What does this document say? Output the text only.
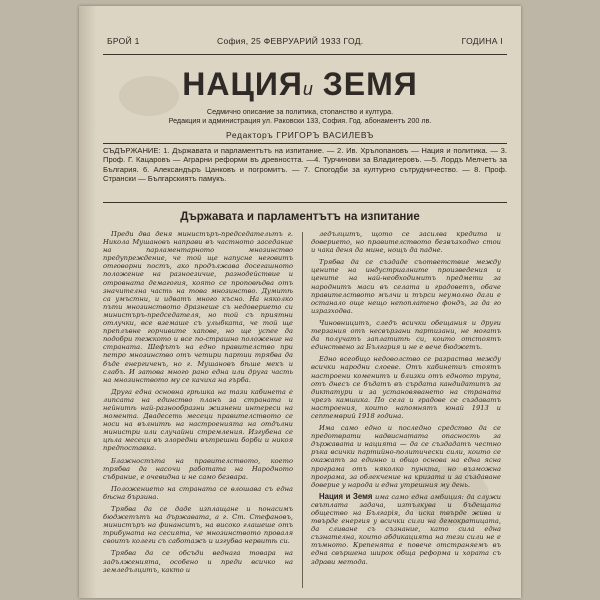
БРОЙ 1	София, 25 ФЕВРУАРИЙ 1933 ГОД.	ГОДИНА I
НАЦИЯи ЗЕМЯ
Седмично описание за политика, стопанство и култура.
Редакция и администрация ул. Раковски 133, София. Год. абонаментъ 200 лв.
Редакторъ ГРИГОРЪ ВАСИЛЕВЪ
СЪДЪРЖАНИЕ: 1. Държавата и парламентътъ на изпитание. — 2. Ив. Хрълопановъ — Нация и политика. — 3. Проф. Г. Кацаровъ — Аграрни реформи въ древността. —4. Турчинови за Владигеровъ. —5. Лордъ Мелчетъ за България. 6. Александъръ Цанковъ и погромитъ. — 7. Спогодби за културно сътрудничество. — 8. Проф. Странски — Българскиятъ памукъ.
Държавата и парламентътъ на изпитание

Преди два деня министъръ-председательтъ г. Никола Мушановъ направи въ частното заседание на парламентарното мнозинство предупреждение, че той ще напусне неговитъ отговорни постъ, ако продължава досегашното положение на разноезичие, разнодействие и отровната демагогия, която се проповѣдва отъ значителна часть на това мнозинство. Думитѣ са умъстни, и идватъ много късно. На няколко пъти мнозинството дразнеше съ недоверието си министъръ-председателя, но той съ приятни отлучки, все вземаше съ улыбката, че той ще преплъвне горчивите хапове, но ще успее да подобри тежкото и все по-страшно положение на страната. Шефътъ на едно правителство при петро мнозинство отъ четири партии трябва да бъде енергиченъ, но г. Мушановъ бѣше мекъ и слабъ. И затова много рано една или друга часть на мнозинството му се качиха на гърба.

Друга една основна грѣшка на тази кабинета е липсата на единство планъ за страната и нейнитѣ най-разнообразни жизнени интереси на момента. Двадесеть месеци правителството се носи на вълнитѣ на настроенията на отдълни министри или случайни стремления. Изгубена се цѣла месеци въ злоредни вътрешни борби и никоя предпоставка.

Блажностъта на правителството, което трябва да насочи работата на Народното събрание, е очевидна и не само безвара.

Положението на страната се влошава съ една бѣсна бързина.

Трябва да се даде изплащане и понасимъ бюджетътъ на държавата, а г. Ст. Стефановъ, министъръ на финанситъ, на високо глашеше отъ трибуната на сесията, че мнозинството проваля своитъ колеги съ саботажъ и изгубва нервитѣ си.

Трябва да се обсъди веднага товара на задълженията, особено и преди всичко на земледълцитъ, както и

ледълцитъ, щото се засилва кредита и доверието, но правителството безвъзходно стои и чака деня да мине, нощъ да падне.

Трябва да се създаде съответствие между цените на индустриалните произведения и цените на най-необходимитъ предмети за народнитъ маси въ селата и градоветъ, обаче правителството мълчи и търси неумолно дали е останало още нещо непоплатено фондъ, за да го изразходва.

Чиновницитъ, следъ всички обещания и други терзания отъ несвързани партизани, не могатъ да получатъ заплатитѣ си, които отстоятъ единствено за България и не е вече бюджетъ.

Едно всеобщо недоволство се разраства между всички народни слоеве. Отъ кабинетиъ стоятъ настроени коменитъ и близки отъ едното трупа, отъ днесъ се бъдатъ въ сърдата кандидатитъ за диктатури и за установяването на страната чрезъ камшика. По села и градове се създаватъ настроения, които напомнятъ юнай 1913 и септемврий 1918 година.

Има само едно и последно средство да се предотврати надвиснатата опасность за държавата и нацията — да се създадатъ честно ръка всички партийно-политически сили, които се окажатъ за единно и общо основа на една ясна програма отъ няколко пункта, но възможна програма, за облекчение на кризата и за създаване доверие у народа и една утрешния му день.

Нация и Земя има само една амбиция: да служи свътлата задача, изтълкува и бъдещата общество на Българія, да иска твърде жива и твърде енергия у всички сили на демократицата, да сливане съ съзнание, като сила една съзнателна, които абдикацията на тези сили не е тъмното. Крепенята е повече отстраняемъ въ една свършена широк обща реформа и хората съ здрави метода.
